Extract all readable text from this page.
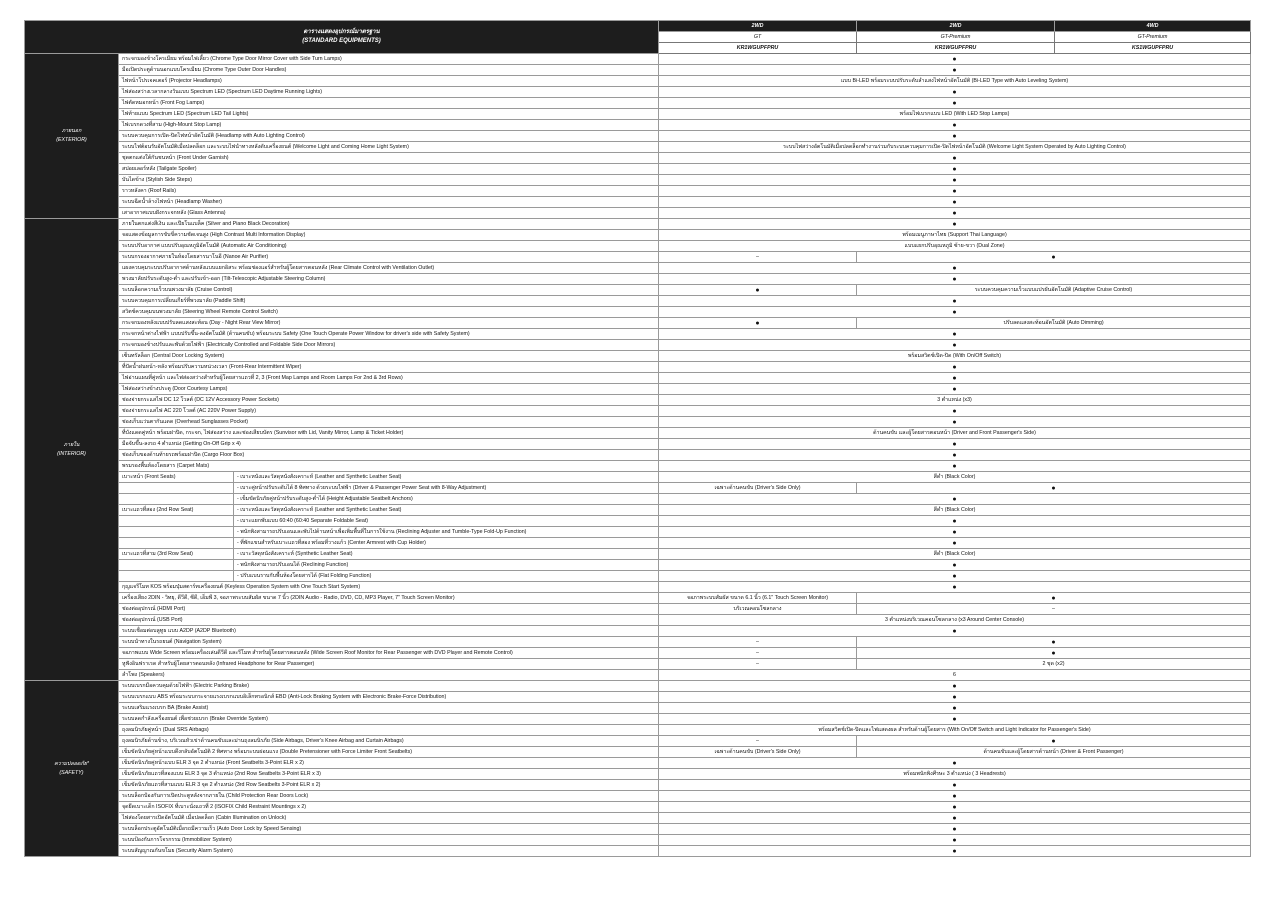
ตารางแสดงอุปกรณ์มาตรฐาน
(STANDARD EQUIPMENTS)			2WD	2WD	4WD
			GT	GT-Premium	GT-Premium
			KR1WGUPFPRU	KR1WGUPFPRU	KS1WGUPFPRU

ภายนอก
(EXTERIOR)	กระจกมองข้างโครเมียม พร้อมไฟเลี้ยว (Chrome Type Door Mirror Cover with Side Turn Lamps)		●		
	มือเปิดประตูด้านนอกแบบโครเมียม (Chrome Type Outer Door Handles)		●		
	ไฟหน้าโปรเจคเตอร์ (Projector Headlamps)		แบบ Bi-LED พร้อมระบบปรับระดับลำแสงไฟหน้าอัตโนมัติ (Bi-LED Type with Auto Leveling System)		
	ไฟส่องสว่างเวลากลางวันแบบ Spectrum LED (Spectrum LED Daytime Running Lights)		●		
	ไฟตัดหมอกหน้า (Front Fog Lamps)		●		
	ไฟท้ายแบบ Spectrum LED (Spectrum LED Tail Lights)		พร้อมไฟเบรกแบบ LED (With LED Stop Lamps)		
	ไฟเบรกดวงที่สาม (High-Mount Stop Lamp)		●		
	ระบบควบคุมการเปิด-ปิดไฟหน้าอัตโนมัติ (Headlamp with Auto Lighting Control)		●		
	ระบบไฟต้อนรับอัตโนมัติเมื่อปลดล็อก และระบบไฟนำทางหลังดับเครื่องยนต์ (Welcome Light and Coming Home Light System)		ระบบไฟสว่างอัตโนมัติเมื่อปลดล็อกทำงานร่วมกับระบบควบคุมการเปิด-ปิดไฟหน้าอัตโนมัติ (Welcome Light System Operated by Auto Lighting Control)		
	ชุดตกแต่งใต้กันชนหน้า (Front Under Garnish)		●		
	สปอยเลอร์หลัง (Tailgate Spoiler)		●		
	บันไดข้าง (Stylish Side Steps)		●		
	ราวหลังคา (Roof Rails)		●		
	ระบบฉีดน้ำล้างไฟหน้า (Headlamp Washer)		●		
	เสาอากาศแบบฝังกระจกหลัง (Glass Antenna)		●		

ภายใน
(INTERIOR)	ภายในตกแต่งสีเงิน และเปียโนแบล็ค (Silver and Piano Black Decoration)		●		
	จอแสดงข้อมูลการขับขี่ความชัดเจนสูง (High Contrast Multi Information Display)		พร้อมเมนูภาษาไทย (Support Thai Language)		
	ระบบปรับอากาศ แบบปรับอุณหภูมิอัตโนมัติ (Automatic Air Conditioning)		แบบแยกปรับอุณหภูมิ ซ้าย-ขวา (Dual Zone)		
	ระบบกรองอากาศภายในห้องโดยสารนาโนอี (Nanoe Air Purifier)		–	●	
	แผงควบคุมระบบปรับอากาศด้านหลังแบบแยกอิสระ พร้อมช่องแอร์สำหรับผู้โดยสารตอนหลัง (Rear Climate Control with Ventilation Outlet)		●		
	พวงมาลัยปรับระดับสูง-ต่ำ และปรับเข้า-ออก (Tilt-Telescopic Adjustable Steering Column)		●		
	ระบบล็อกความเร็วบนพวงมาลัย (Cruise Control)		●	ระบบควบคุมความเร็วแบบแปรผันอัตโนมัติ (Adaptive Cruise Control)	
	ระบบควบคุมการเปลี่ยนเกียร์ที่พวงมาลัย (Paddle Shift)		●		
	สวิตช์ควบคุมบนพวงมาลัย (Steering Wheel Remote Control Switch)		●		
	กระจกมองหลังแบบปรับลดแสงสะท้อน (Day - Night Rear View Mirror)		●	ปรับลดแสงสะท้อนอัตโนมัติ (Auto Dimming)	
	กระจกหน้าต่างไฟฟ้า แบบปรับขึ้น-ลงอัตโนมัติ (ด้านคนขับ) พร้อมระบบ Safety (One Touch Operate Power Window for driver's side with Safety System)		●		
	กระจกมองข้างปรับและพับด้วยไฟฟ้า (Electrically Controlled and Foldable Side Door Mirrors)		●		
	เซ็นทรัลล็อก (Central Door Locking System)		พร้อมสวิตช์เปิด-ปิด (With On/Off Switch)		
	ที่ปัดน้ำฝนหน้า-หลัง พร้อมปรับความหน่วงเวลา (Front-Rear Intermittent Wiper)		●		
	ไฟอ่านแผนที่คู่หน้า และไฟส่องสว่างสำหรับผู้โดยสารแถวที่ 2, 3 (Front Map Lamps and Room Lamps For 2nd & 3rd Rows)		●		
	ไฟส่องสว่างข้างประตู (Door Courtesy Lamps)		●		
	ช่องจ่ายกระแสไฟ DC 12 โวลต์ (DC 12V Accessory Power Sockets)		3 ตำแหน่ง (x3)		
	ช่องจ่ายกระแสไฟ AC 220 โวลต์ (AC 220V Power Supply)		●		
	ช่องเก็บแว่นตากันแดด (Overhead Sunglasses Pocket)		●		
	ที่บังแดดคู่หน้า พร้อมฝาปิด, กระจก, ไฟส่องสว่าง และช่องเสียบบัตร (Sunvisor with Lid, Vanity Mirror, Lamp & Ticket Holder)		ด้านคนขับ และผู้โดยสารตอนหน้า (Driver and Front Passenger's Side)		
	มือจับขึ้น-ลงรถ 4 ตำแหน่ง (Getting On-Off Grip x 4)		●		
	ช่องเก็บของด้านท้ายรถพร้อมฝาปิด (Cargo Floor Box)		●		
	พรมรองพื้นห้องโดยสาร (Carpet Mats)		●		
	เบาะหน้า (Front Seats)	- เบาะหนังและวัสดุหนังสังเคราะห์ (Leather and Synthetic Leather Seat)	สีดำ (Black Color)		
		- เบาะคู่หน้าปรับระดับได้ 8 ทิศทาง ด้วยระบบไฟฟ้า (Driver & Passenger Power Seat with 8-Way Adjustment)	เฉพาะด้านคนขับ (Driver's Side Only)	●	
		- เข็มขัดนิรภัยคู่หน้าปรับระดับสูง-ต่ำได้ (Height Adjustable Seatbelt Anchors)	●		
	เบาะแถวที่สอง (2nd Row Seat)	- เบาะหนังและวัสดุหนังสังเคราะห์ (Leather and Synthetic Leather Seat)	สีดำ (Black Color)		
		- เบาะแยกพับแบบ 60:40 (60:40 Separate Foldable Seat)	●		
		- พนักพิงสามารถปรับเอนและพับไปด้านหน้าเพื่อเพิ่มพื้นที่ในการใช้งาน (Reclining Adjuster and Tumble-Type Fold-Up Function)	●		
		- ที่พักแขนสำหรับเบาะแถวที่สอง พร้อมที่วางแก้ว (Center Armrest with Cup Holder)	●		
	เบาะแถวที่สาม (3rd Row Seat)	- เบาะวัสดุหนังสังเคราะห์ (Synthetic Leather Seat)	สีดำ (Black Color)		
		- พนักพิงสามารถปรับเอนได้ (Reclining Function)	●		
		- ปรับแบนราบกับพื้นห้องโดยสารได้ (Flat Folding Function)	●		
	กุญแจรีโมท KOS พร้อมปุ่มสตาร์ทเครื่องยนต์ (Keyless Operation System with One Touch Start System)		●		
	เครื่องเสียง 2DIN - วิทยุ, ดีวีดี, ซีดี, เอ็มพี 3, จอภาพระบบสัมผัส ขนาด 7 นิ้ว (2DIN Audio - Radio, DVD, CD, MP3 Player, 7" Touch Screen Monitor)		จอภาพระบบสัมผัส ขนาด 6.1 นิ้ว (6.1" Touch Screen Monitor)	●	
	ช่องต่ออุปกรณ์ (HDMI Port)		บริเวณคอนโซลกลาง	–	
	ช่องต่ออุปกรณ์ (USB Port)		3 ตำแหน่งบริเวณคอนโซลกลาง (x3 Around Center Console)		
	ระบบเชื่อมต่อบลูทูธ แบบ A2DP (A2DP Bluetooth)		●		
	ระบบนำทางในรถยนต์ (Navigation System)		–	●	
	จอภาพแบบ Wide Screen พร้อมเครื่องเล่นดีวีดี และรีโมท สำหรับผู้โดยสารตอนหลัง (Wide Screen Roof Monitor for Rear Passenger with DVD Player and Remote Control)		–	●	
	หูฟังอินฟราเรด สำหรับผู้โดยสารตอนหลัง (Infrared Headphone for Rear Passenger)		–	2 ชุด (x2)	
	ลำโพง (Speakers)		6		

ความปลอดภัย*
(SAFETY)	ระบบเบรกมือควบคุมด้วยไฟฟ้า (Electric Parking Brake)		●		
	ระบบเบรกแบบ ABS พร้อมระบบกระจายแรงเบรกแบบอิเล็กทรอนิกส์ EBD (Anti-Lock Braking System with Electronic Brake-Force Distribution)		●		
	ระบบเสริมแรงเบรก BA (Brake Assist)		●		
	ระบบลดกำลังเครื่องยนต์ เพื่อช่วยเบรก (Brake Override System)		●		
	ถุงลมนิรภัยคู่หน้า (Dual SRS Airbags)		พร้อมสวิตช์เปิด-ปิดและไฟแสดงผล สำหรับด้านผู้โดยสาร (With On/Off Switch and Light Indicator for Passenger's Side)		
	ถุงลมนิรภัยด้านข้าง, บริเวณหัวเข่าด้านคนขับและม่านถุงลมนิรภัย (Side Airbags, Driver's Knee Airbag and Curtain Airbags)		–	●	
	เข็มขัดนิรภัยคู่หน้าแบบดึงกลับอัตโนมัติ 2 ทิศทาง พร้อมระบบผ่อนแรง (Double Pretensioner with Force Limiter Front Seatbelts)		เฉพาะด้านคนขับ (Driver's Side Only)	ด้านคนขับและผู้โดยสารด้านหน้า (Driver & Front Passenger)	
	เข็มขัดนิรภัยคู่หน้าแบบ ELR 3 จุด 2 ตำแหน่ง (Front Seatbelts 3-Point ELR x 2)		●		
	เข็มขัดนิรภัยแถวที่สองแบบ ELR 3 จุด 3 ตำแหน่ง (2nd Row Seatbelts 3-Point ELR x 3)		พร้อมพนักพิงศีรษะ 3 ตำแหน่ง ( 3 Headrests)		
	เข็มขัดนิรภัยแถวที่สามแบบ ELR 3 จุด 2 ตำแหน่ง (3rd Row Seatbelts 3-Point ELR x 2)		●		
	ระบบล็อกป้องกันการเปิดประตูหลังจากภายใน (Child Protection Rear Doors Lock)		●		
	จุดยึดเบาะเด็ก ISOFIX ที่เบาะนั่งแถวที่ 2 (ISOFIX Child Restraint Mountings x 2)		●		
	ไฟส่องโดยสารเปิดอัตโนมัติ เมื่อปลดล็อก (Cabin Illumination on Unlock)		●		
	ระบบล็อกประตูอัตโนมัติเมื่อรถมีความเร็ว (Auto Door Lock by Speed Sensing)		●		
	ระบบป้องกันการโจรกรรม (Immobilizer System)		●		
	ระบบสัญญาณกันขโมย (Security Alarm System)		●		
